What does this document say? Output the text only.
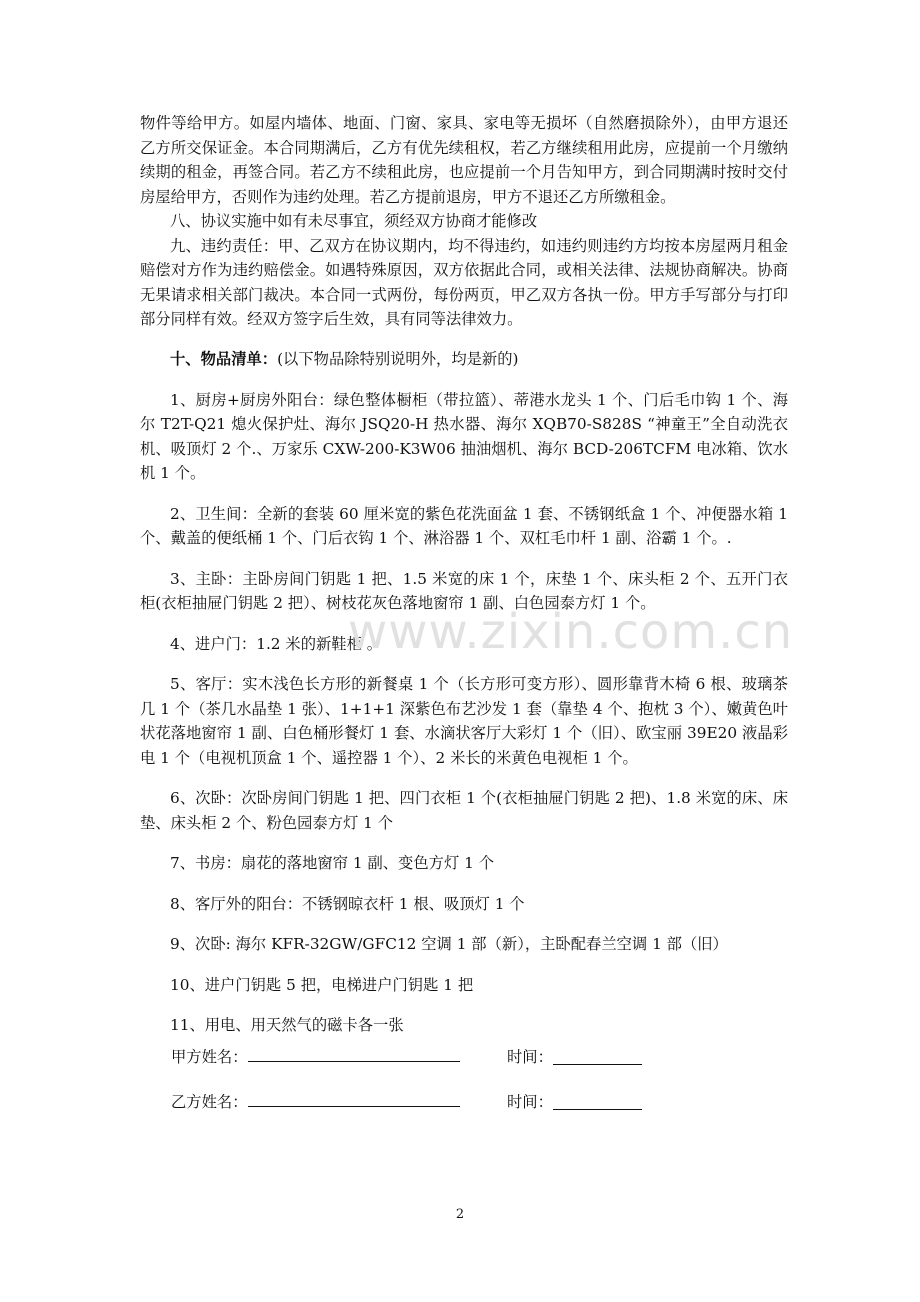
物件等给甲方。如屋内墙体、地面、门窗、家具、家电等无损坏（自然磨损除外），由甲方退还乙方所交保证金。本合同期满后，乙方有优先续租权，若乙方继续租用此房，应提前一个月缴纳续期的租金，再签合同。若乙方不续租此房，也应提前一个月告知甲方，到合同期满时按时交付房屋给甲方，否则作为违约处理。若乙方提前退房，甲方不退还乙方所缴租金。

八、协议实施中如有未尽事宜，须经双方协商才能修改

九、违约责任：甲、乙双方在协议期内，均不得违约，如违约则违约方均按本房屋两月租金赔偿对方作为违约赔偿金。如遇特殊原因，双方依据此合同，或相关法律、法规协商解决。协商无果请求相关部门裁决。本合同一式两份，每份两页，甲乙双方各执一份。甲方手写部分与打印部分同样有效。经双方签字后生效，具有同等法律效力。

十、物品清单：(以下物品除特别说明外，均是新的)

1、厨房+厨房外阳台：绿色整体橱柜（带拉篮）、蒂港水龙头 1 个、门后毛巾钩 1 个、海尔 T2T-Q21 熄火保护灶、海尔 JSQ20-H 热水器、海尔 XQB70-S828S “神童王”全自动洗衣机、吸顶灯 2 个.、万家乐 CXW-200-K3W06 抽油烟机、海尔 BCD-206TCFM 电冰箱、饮水机 1 个。

2、卫生间：全新的套装 60 厘米宽的紫色花洗面盆 1 套、不锈钢纸盒 1 个、冲便器水箱 1 个、戴盖的便纸桶 1 个、门后衣钩 1 个、淋浴器 1 个、双杠毛巾杆 1 副、浴霸 1 个。.

3、主卧：主卧房间门钥匙 1 把、1.5 米宽的床 1 个，床垫 1 个、床头柜 2 个、五开门衣柜(衣柜抽屉门钥匙 2 把）、树枝花灰色落地窗帘 1 副、白色园泰方灯 1 个。

4、进户门：1.2 米的新鞋柜 。

5、客厅：实木浅色长方形的新餐桌 1 个（长方形可变方形）、圆形靠背木椅 6 根、玻璃茶几 1 个（茶几水晶垫 1 张）、1+1+1 深紫色布艺沙发 1 套（靠垫 4 个、抱枕 3 个）、嫩黄色叶状花落地窗帘 1 副、白色桶形餐灯 1 套、水滴状客厅大彩灯 1 个（旧）、欧宝丽 39E20 液晶彩电 1 个（电视机顶盒 1 个、遥控器 1 个）、2 米长的米黄色电视柜 1 个。

6、次卧：次卧房间门钥匙 1 把、四门衣柜 1 个(衣柜抽屉门钥匙 2 把)、1.8 米宽的床、床垫、床头柜 2 个、粉色园泰方灯 1 个

7、书房：扇花的落地窗帘 1 副、变色方灯 1 个

8、客厅外的阳台：不锈钢晾衣杆 1 根、吸顶灯 1 个

9、次卧: 海尔 KFR-32GW/GFC12 空调 1 部（新），主卧配春兰空调 1 部（旧）

10、进户门钥匙 5 把，电梯进户门钥匙 1 把

11、用电、用天然气的磁卡各一张

甲方姓名：	时间：
乙方姓名：	时间：
www.zixin.com.cn
2
